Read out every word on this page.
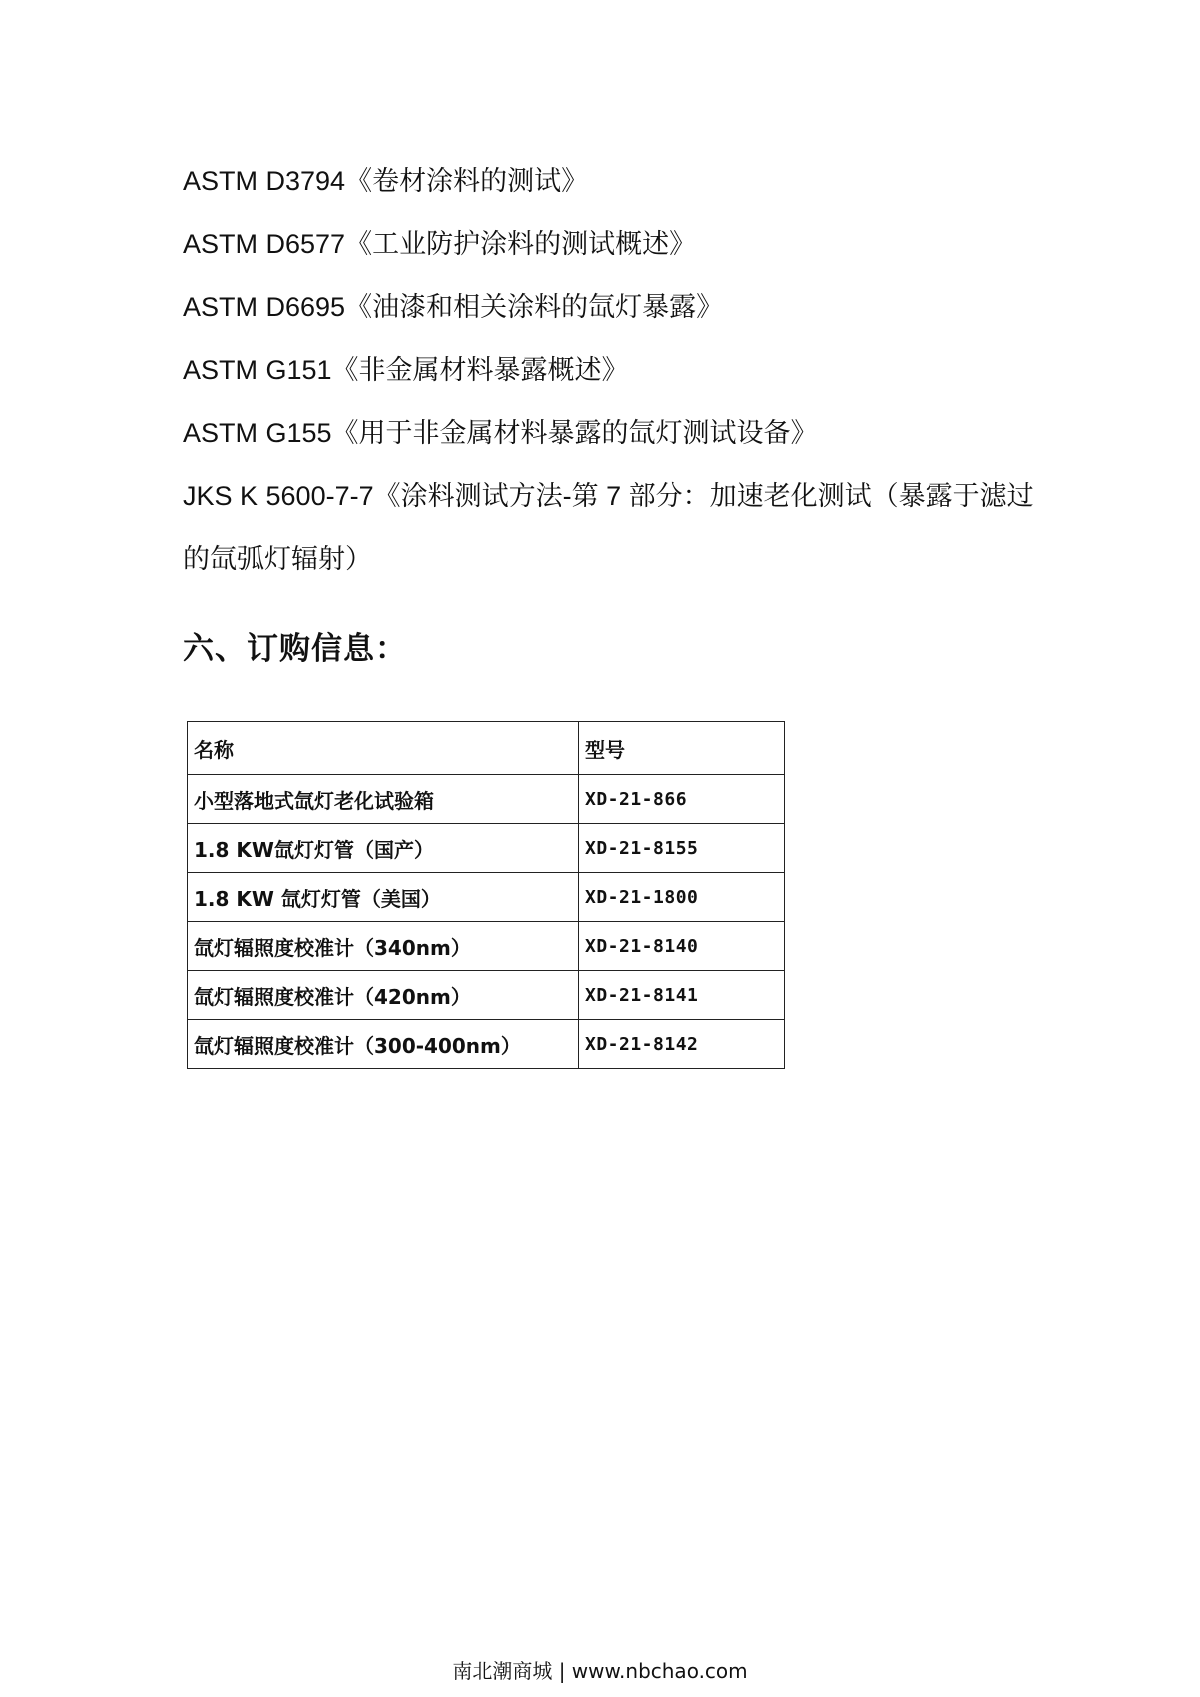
ASTM D3794《卷材涂料的测试》
ASTM D6577《工业防护涂料的测试概述》
ASTM D6695《油漆和相关涂料的氙灯暴露》
ASTM G151《非金属材料暴露概述》
ASTM G155《用于非金属材料暴露的氙灯测试设备》
JKS K 5600-7-7《涂料测试方法-第 7 部分：加速老化测试（暴露于滤过的氙弧灯辐射）
六、订购信息：
名称	型号
小型落地式氙灯老化试验箱	XD-21-866
1.8 KW氙灯灯管（国产）	XD-21-8155
1.8 KW 氙灯灯管（美国）	XD-21-1800
氙灯辐照度校准计（340nm）	XD-21-8140
氙灯辐照度校准计（420nm）	XD-21-8141
氙灯辐照度校准计（300-400nm）	XD-21-8142
南北潮商城 | www.nbchao.com
